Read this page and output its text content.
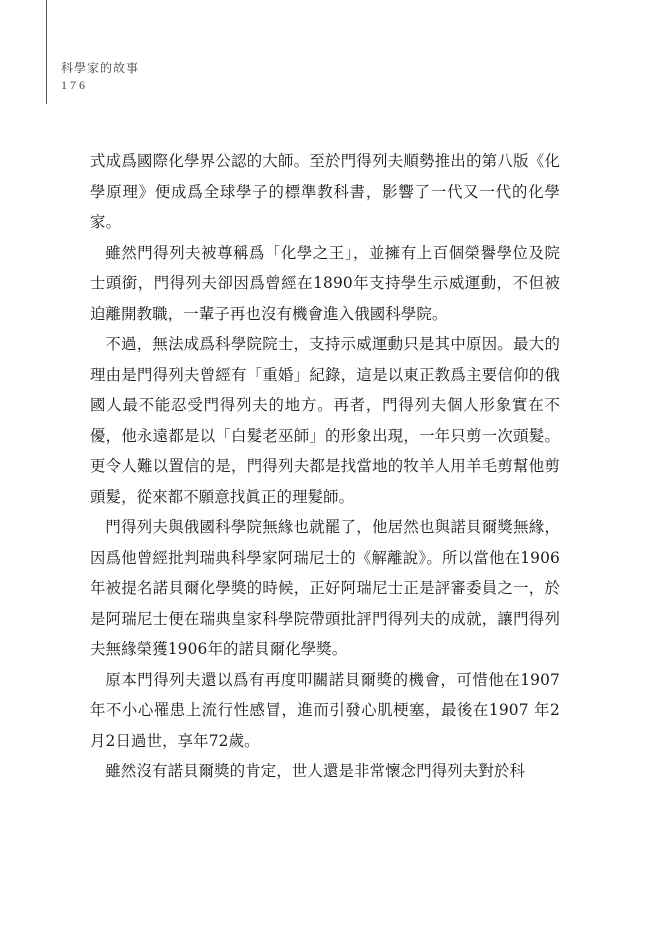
科學家的故事
176

式成爲國際化學界公認的大師。至於門得列夫順勢推出的第八版《化學原理》便成爲全球學子的標準教科書，影響了一代又一代的化學家。

雖然門得列夫被尊稱爲「化學之王」，並擁有上百個榮譽學位及院士頭銜，門得列夫卻因爲曾經在1890年支持學生示威運動，不但被迫離開教職，一輩子再也沒有機會進入俄國科學院。

不過，無法成爲科學院院士，支持示威運動只是其中原因。最大的理由是門得列夫曾經有「重婚」紀錄，這是以東正教爲主要信仰的俄國人最不能忍受門得列夫的地方。再者，門得列夫個人形象實在不優，他永遠都是以「白髮老巫師」的形象出現，一年只剪一次頭髮。更令人難以置信的是，門得列夫都是找當地的牧羊人用羊毛剪幫他剪頭髮，從來都不願意找眞正的理髮師。

門得列夫與俄國科學院無緣也就罷了，他居然也與諾貝爾獎無緣，因爲他曾經批判瑞典科學家阿瑞尼士的《解離說》。所以當他在1906年被提名諾貝爾化學獎的時候，正好阿瑞尼士正是評審委員之一，於是阿瑞尼士便在瑞典皇家科學院帶頭批評門得列夫的成就，讓門得列夫無緣榮獲1906年的諾貝爾化學獎。

原本門得列夫還以爲有再度叩關諾貝爾獎的機會，可惜他在1907年不小心罹患上流行性感冒，進而引發心肌梗塞，最後在1907 年2月2日過世，享年72歲。

雖然沒有諾貝爾獎的肯定，世人還是非常懷念門得列夫對於科
